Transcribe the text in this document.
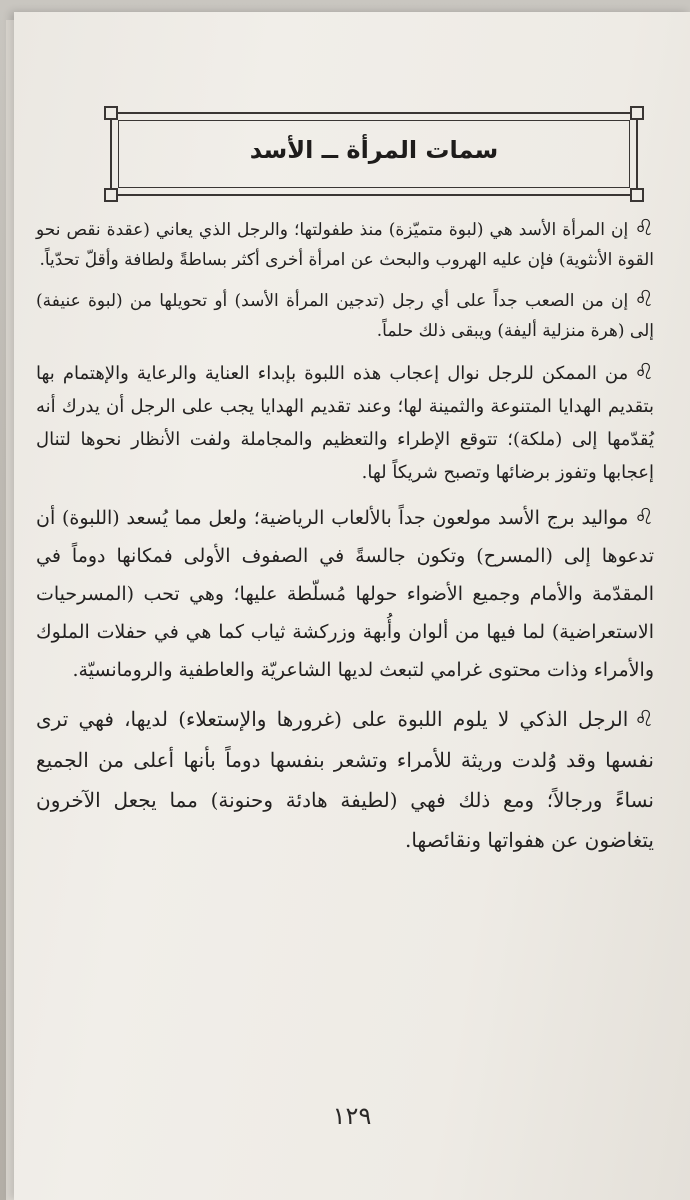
سمات المرأة ــ الأسد

♌إن المرأة الأسد هي (لبوة متميّزة) منذ طفولتها؛ والرجل الذي يعاني (عقدة نقص نحو القوة الأنثوية) فإن عليه الهروب والبحث عن امرأة أخرى أكثر بساطةً ولطافة وأقلّ تحدّياً.

♌إن من الصعب جداً على أي رجل (تدجين المرأة الأسد) أو تحويلها من (لبوة عنيفة) إلى (هرة منزلية أليفة) ويبقى ذلك حلماً.

♌من الممكن للرجل نوال إعجاب هذه اللبوة بإبداء العناية والرعاية والإهتمام بها بتقديم الهدايا المتنوعة والثمينة لها؛ وعند تقديم الهدايا يجب على الرجل أن يدرك أنه يُقدّمها إلى (ملكة)؛ تتوقع الإطراء والتعظيم والمجاملة ولفت الأنظار نحوها لتنال إعجابها وتفوز برضائها وتصبح شريكاً لها.

♌مواليد برج الأسد مولعون جداً بالألعاب الرياضية؛ ولعل مما يُسعد (اللبوة) أن تدعوها إلى (المسرح) وتكون جالسةً في الصفوف الأولى فمكانها دوماً في المقدّمة والأمام وجميع الأضواء حولها مُسلّطة عليها؛ وهي تحب (المسرحيات الاستعراضية) لما فيها من ألوان وأُبهة وزركشة ثياب كما هي في حفلات الملوك والأمراء وذات محتوى غرامي لتبعث لديها الشاعريّة والعاطفية والرومانسيّة.

♌الرجل الذكي لا يلوم اللبوة على (غرورها والإستعلاء) لديها، فهي ترى نفسها وقد وُلدت وريثة للأمراء وتشعر بنفسها دوماً بأنها أعلى من الجميع نساءً ورجالاً؛ ومع ذلك فهي (لطيفة هادئة وحنونة) مما يجعل الآخرون يتغاضون عن هفواتها ونقائصها.

١٢٩
